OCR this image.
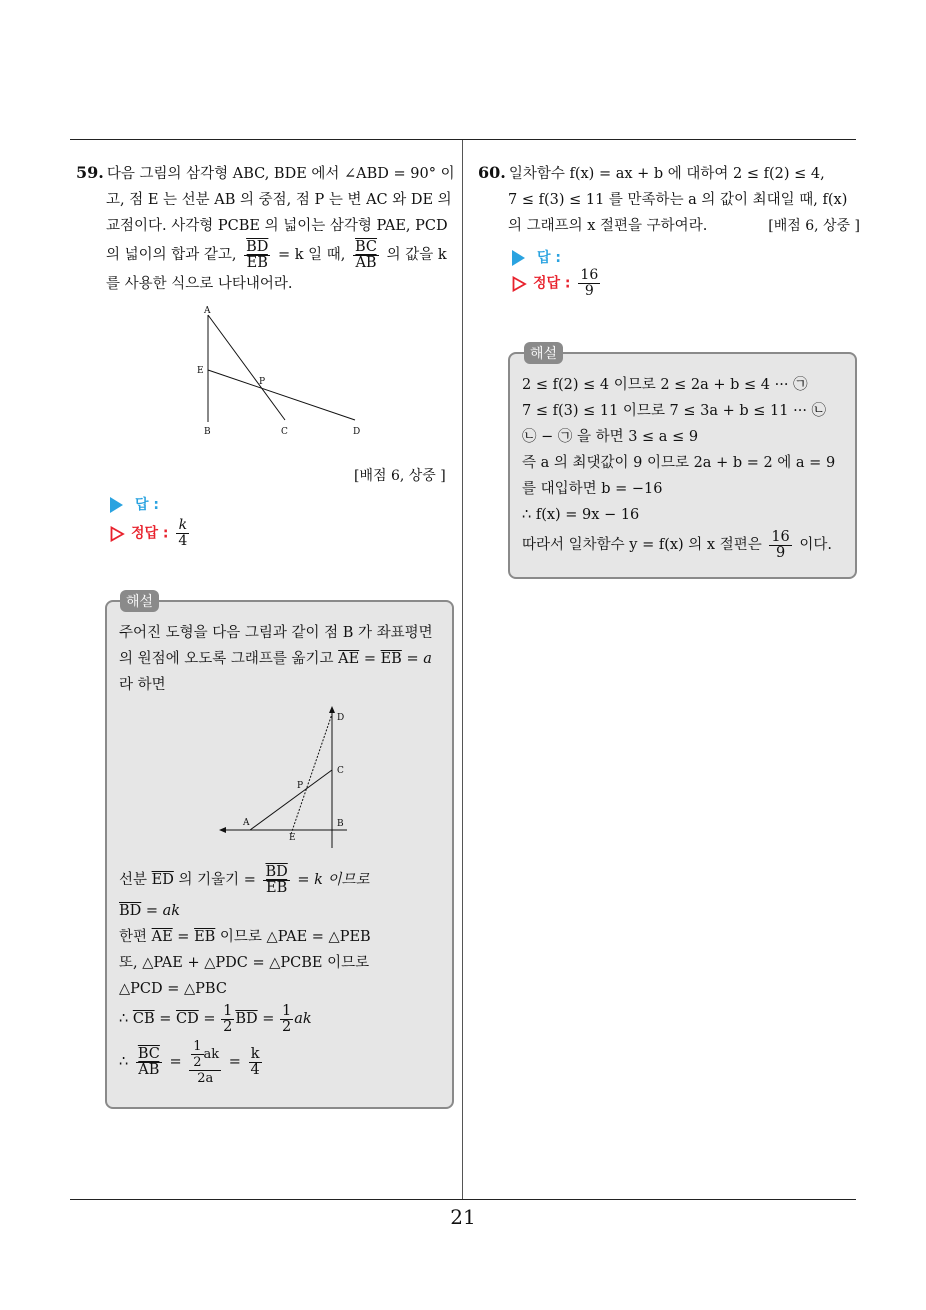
21
59. 다음 그림의 삼각형 ABC, BDE 에서 ∠ABD = 90° 이
고, 점 E 는 선분 AB 의 중점, 점 P 는 변 AC 와 DE 의
교점이다. 사각형 PCBE 의 넓이는 삼각형 PAE, PCD
의 넓이의 합과 같고, $\frac{\overline{BD}}{EB} = k$ 일 때, $\frac{\overline{BC}}{AB}$ 의 값을 k
를 사용한 식으로 나타내어라.
A
E
P
B	C	D
[배점 6, 상중 ]
답 :
정답 : $\frac{k}{4}$
주어진 도형을 다음 그림과 같이 점 B 가 좌표평면
의 원점에 오도록 그래프를 옮기고 $\overline{AE} = \overline{EB} = a$
라 하면
D
C
P
A	B
E
선분 $\overline{ED}$ 의 기울기 = $\frac{\overline{BD}}{EB} = k$ 이므로
$\overline{BD}$ = ak
한편 $\overline{AE} = \overline{EB}$ 이므로 △PAE = △PEB
또, △PAE + △PDC = △PCBE 이므로
△PCD = △PBC
∴ $\overline{CB} = \overline{CD} = \frac{1}{2} \overline{BD} = \frac{1}{2}$ ak
∴ $\frac{\overline{BC}}{AB} = \frac{\frac{1}{2} ak}{2a} = \frac{k}{4}$
해설
60. 일차함수 f(x) = ax + b 에 대하여 2 ≤ f(2) ≤ 4,
7 ≤ f(3) ≤ 11 를 만족하는 a 의 값이 최대일 때, f(x)
의 그래프의 x 절편을 구하여라.	[배점 6, 상중 ]
답 :
정답 : $\frac{16}{9}$
2 ≤ f(2) ≤ 4 이므로 2 ≤ 2a + b ≤ 4 ··· ㉠
7 ≤ f(3) ≤ 11 이므로 7 ≤ 3a + b ≤ 11 ··· ㉡
㉡ − ㉠ 을 하면 3 ≤ a ≤ 9
즉 a 의 최댓값이 9 이므로 2a + b = 2 에 a = 9
를 대입하면 b = −16
∴ f(x) = 9x − 16
따라서 일차함수 y = f(x) 의 x 절편은 $\frac{16}{9}$ 이다.
해설
